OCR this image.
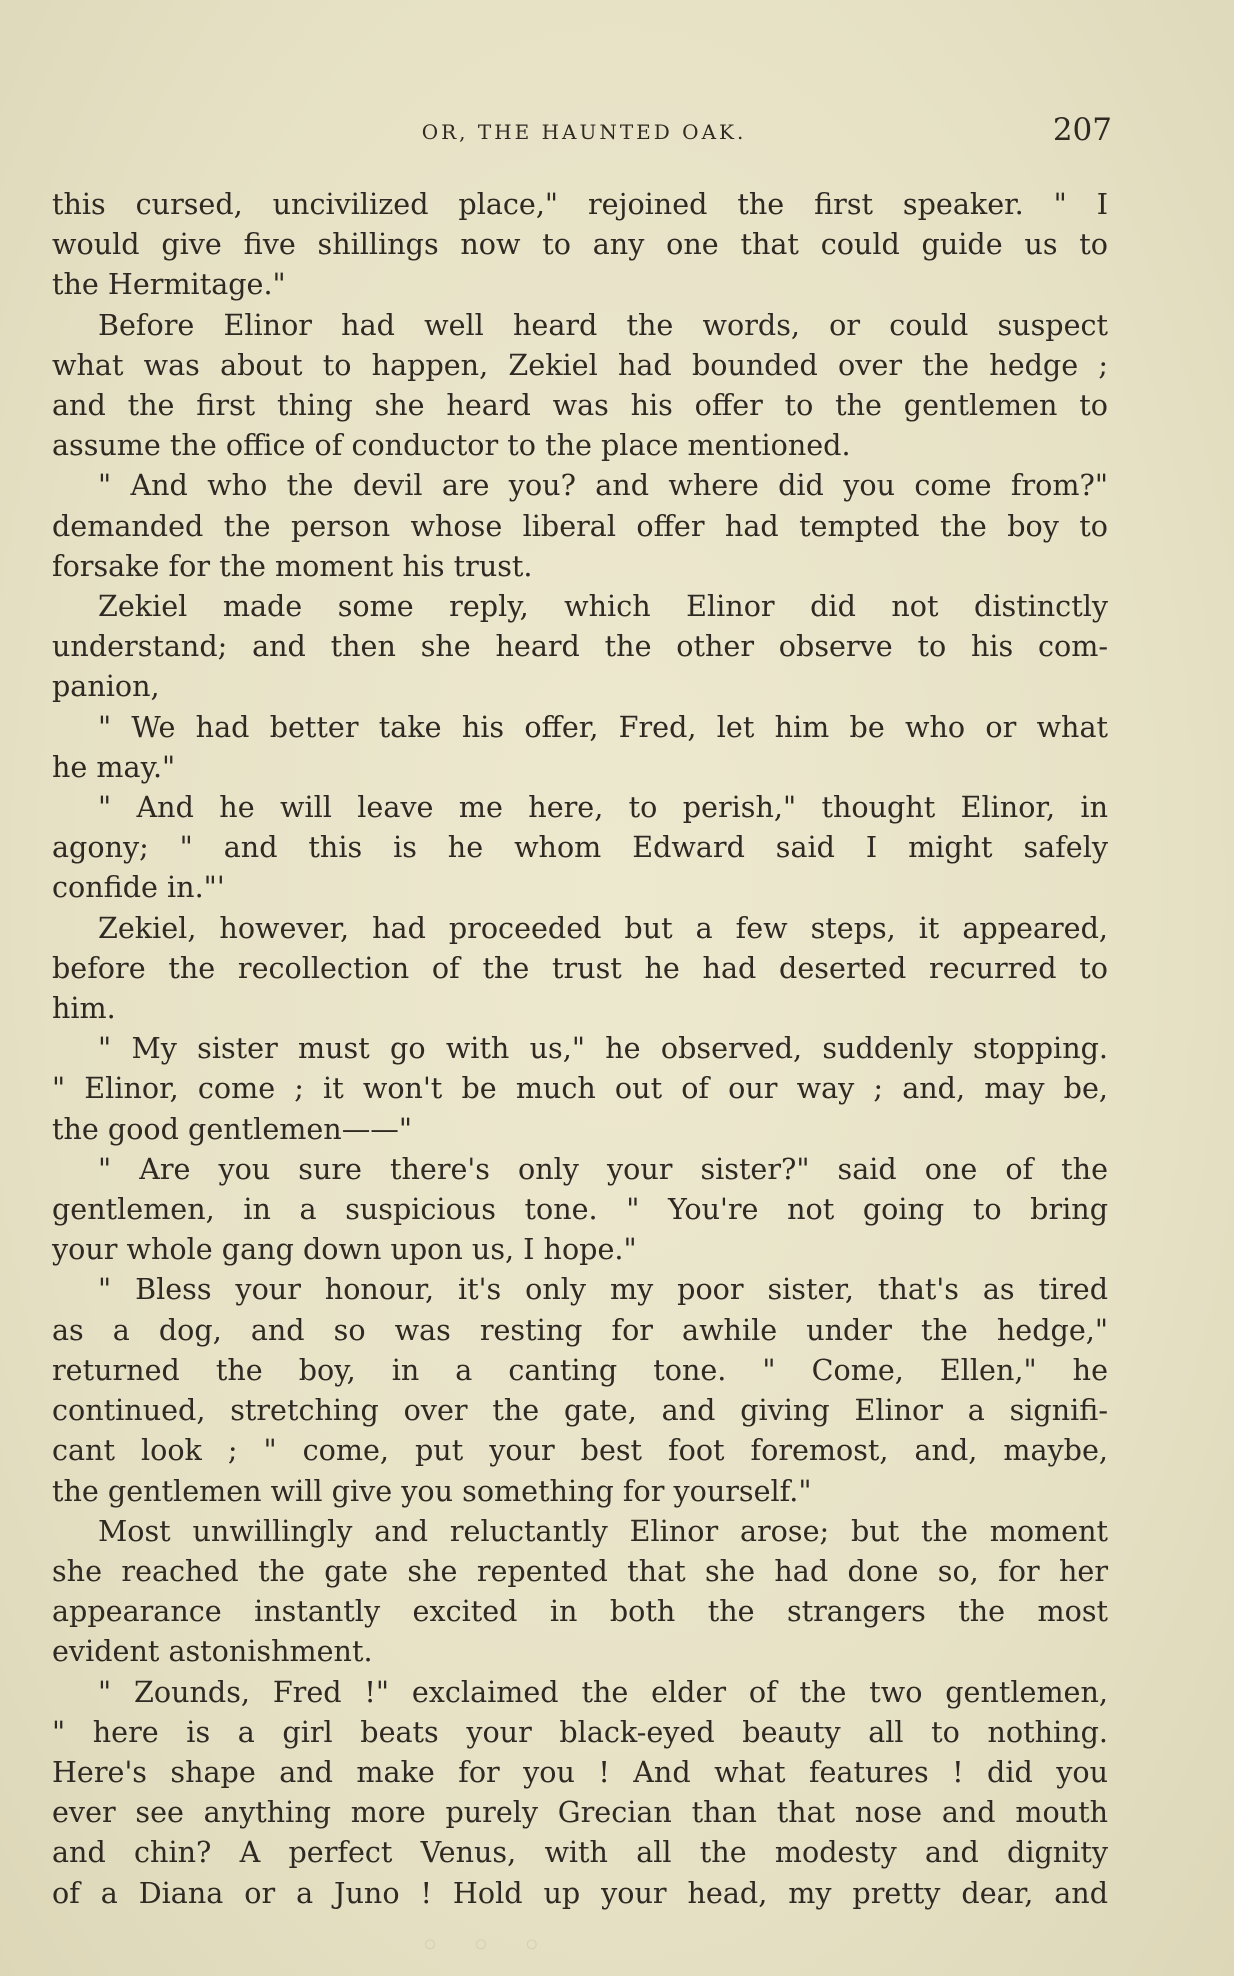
OR, THE HAUNTED OAK.	207
this cursed, uncivilized place," rejoined the first speaker. " I
would give five shillings now to any one that could guide us to
the Hermitage."
Before Elinor had well heard the words, or could suspect
what was about to happen, Zekiel had bounded over the hedge ;
and the first thing she heard was his offer to the gentlemen to
assume the office of conductor to the place mentioned.
" And who the devil are you? and where did you come from?"
demanded the person whose liberal offer had tempted the boy to
forsake for the moment his trust.
Zekiel made some reply, which Elinor did not distinctly
understand; and then she heard the other observe to his com-
panion,
" We had better take his offer, Fred, let him be who or what
he may."
" And he will leave me here, to perish," thought Elinor, in
agony; " and this is he whom Edward said I might safely
confide in."'
Zekiel, however, had proceeded but a few steps, it appeared,
before the recollection of the trust he had deserted recurred to
him.
" My sister must go with us," he observed, suddenly stopping.
" Elinor, come ; it won't be much out of our way ; and, may be,
the good gentlemen——"
" Are you sure there's only your sister?" said one of the
gentlemen, in a suspicious tone. " You're not going to bring
your whole gang down upon us, I hope."
" Bless your honour, it's only my poor sister, that's as tired
as a dog, and so was resting for awhile under the hedge,"
returned the boy, in a canting tone. " Come, Ellen," he
continued, stretching over the gate, and giving Elinor a signifi-
cant look ; " come, put your best foot foremost, and, maybe,
the gentlemen will give you something for yourself."
Most unwillingly and reluctantly Elinor arose; but the moment
she reached the gate she repented that she had done so, for her
appearance instantly excited in both the strangers the most
evident astonishment.
" Zounds, Fred !" exclaimed the elder of the two gentlemen,
" here is a girl beats your black-eyed beauty all to nothing.
Here's shape and make for you ! And what features ! did you
ever see anything more purely Grecian than that nose and mouth
and chin? A perfect Venus, with all the modesty and dignity
of a Diana or a Juno ! Hold up your head, my pretty dear, and
◦ ◦ ◦
